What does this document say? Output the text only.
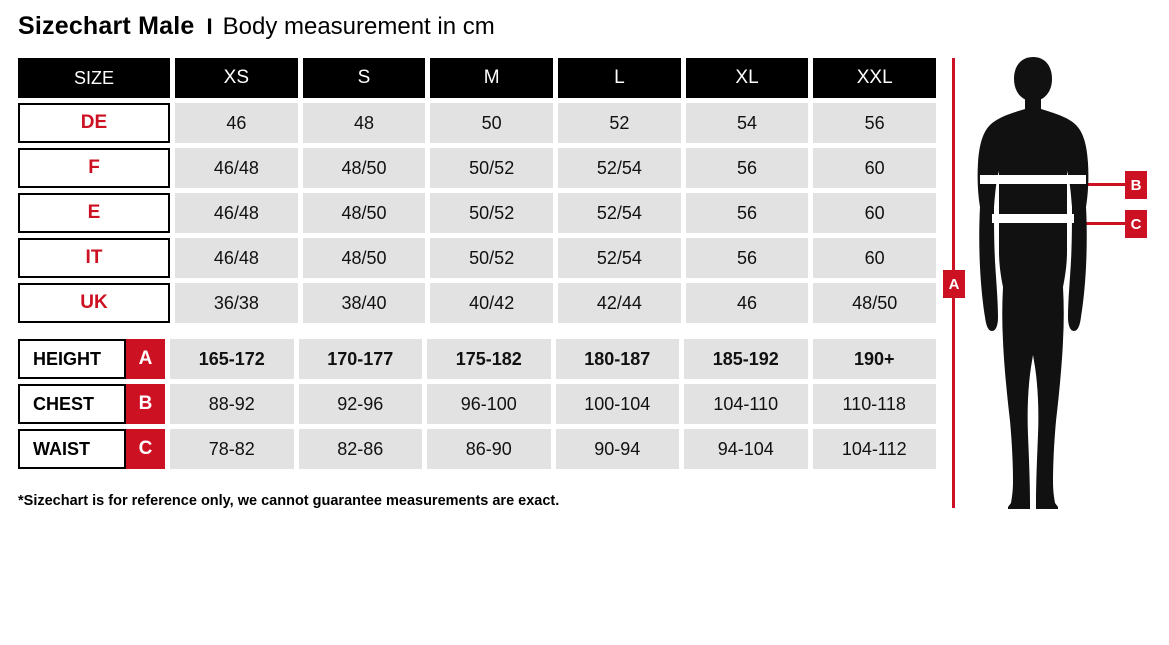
Sizechart Male I Body measurement in cm
SIZE	XS	S	M	L	XL	XXL
DE	46	48	50	52	54	56
F	46/48	48/50	50/52	52/54	56	60
E	46/48	48/50	50/52	52/54	56	60
IT	46/48	48/50	50/52	52/54	56	60
UK	36/38	38/40	40/42	42/44	46	48/50
HEIGHT	A	165-172	170-177	175-182	180-187	185-192	190+
CHEST	B	88-92	92-96	96-100	100-104	104-110	110-118
WAIST	C	78-82	82-86	86-90	90-94	94-104	104-112
*Sizechart is for reference only, we cannot guarantee measurements are exact.
A
B
C
